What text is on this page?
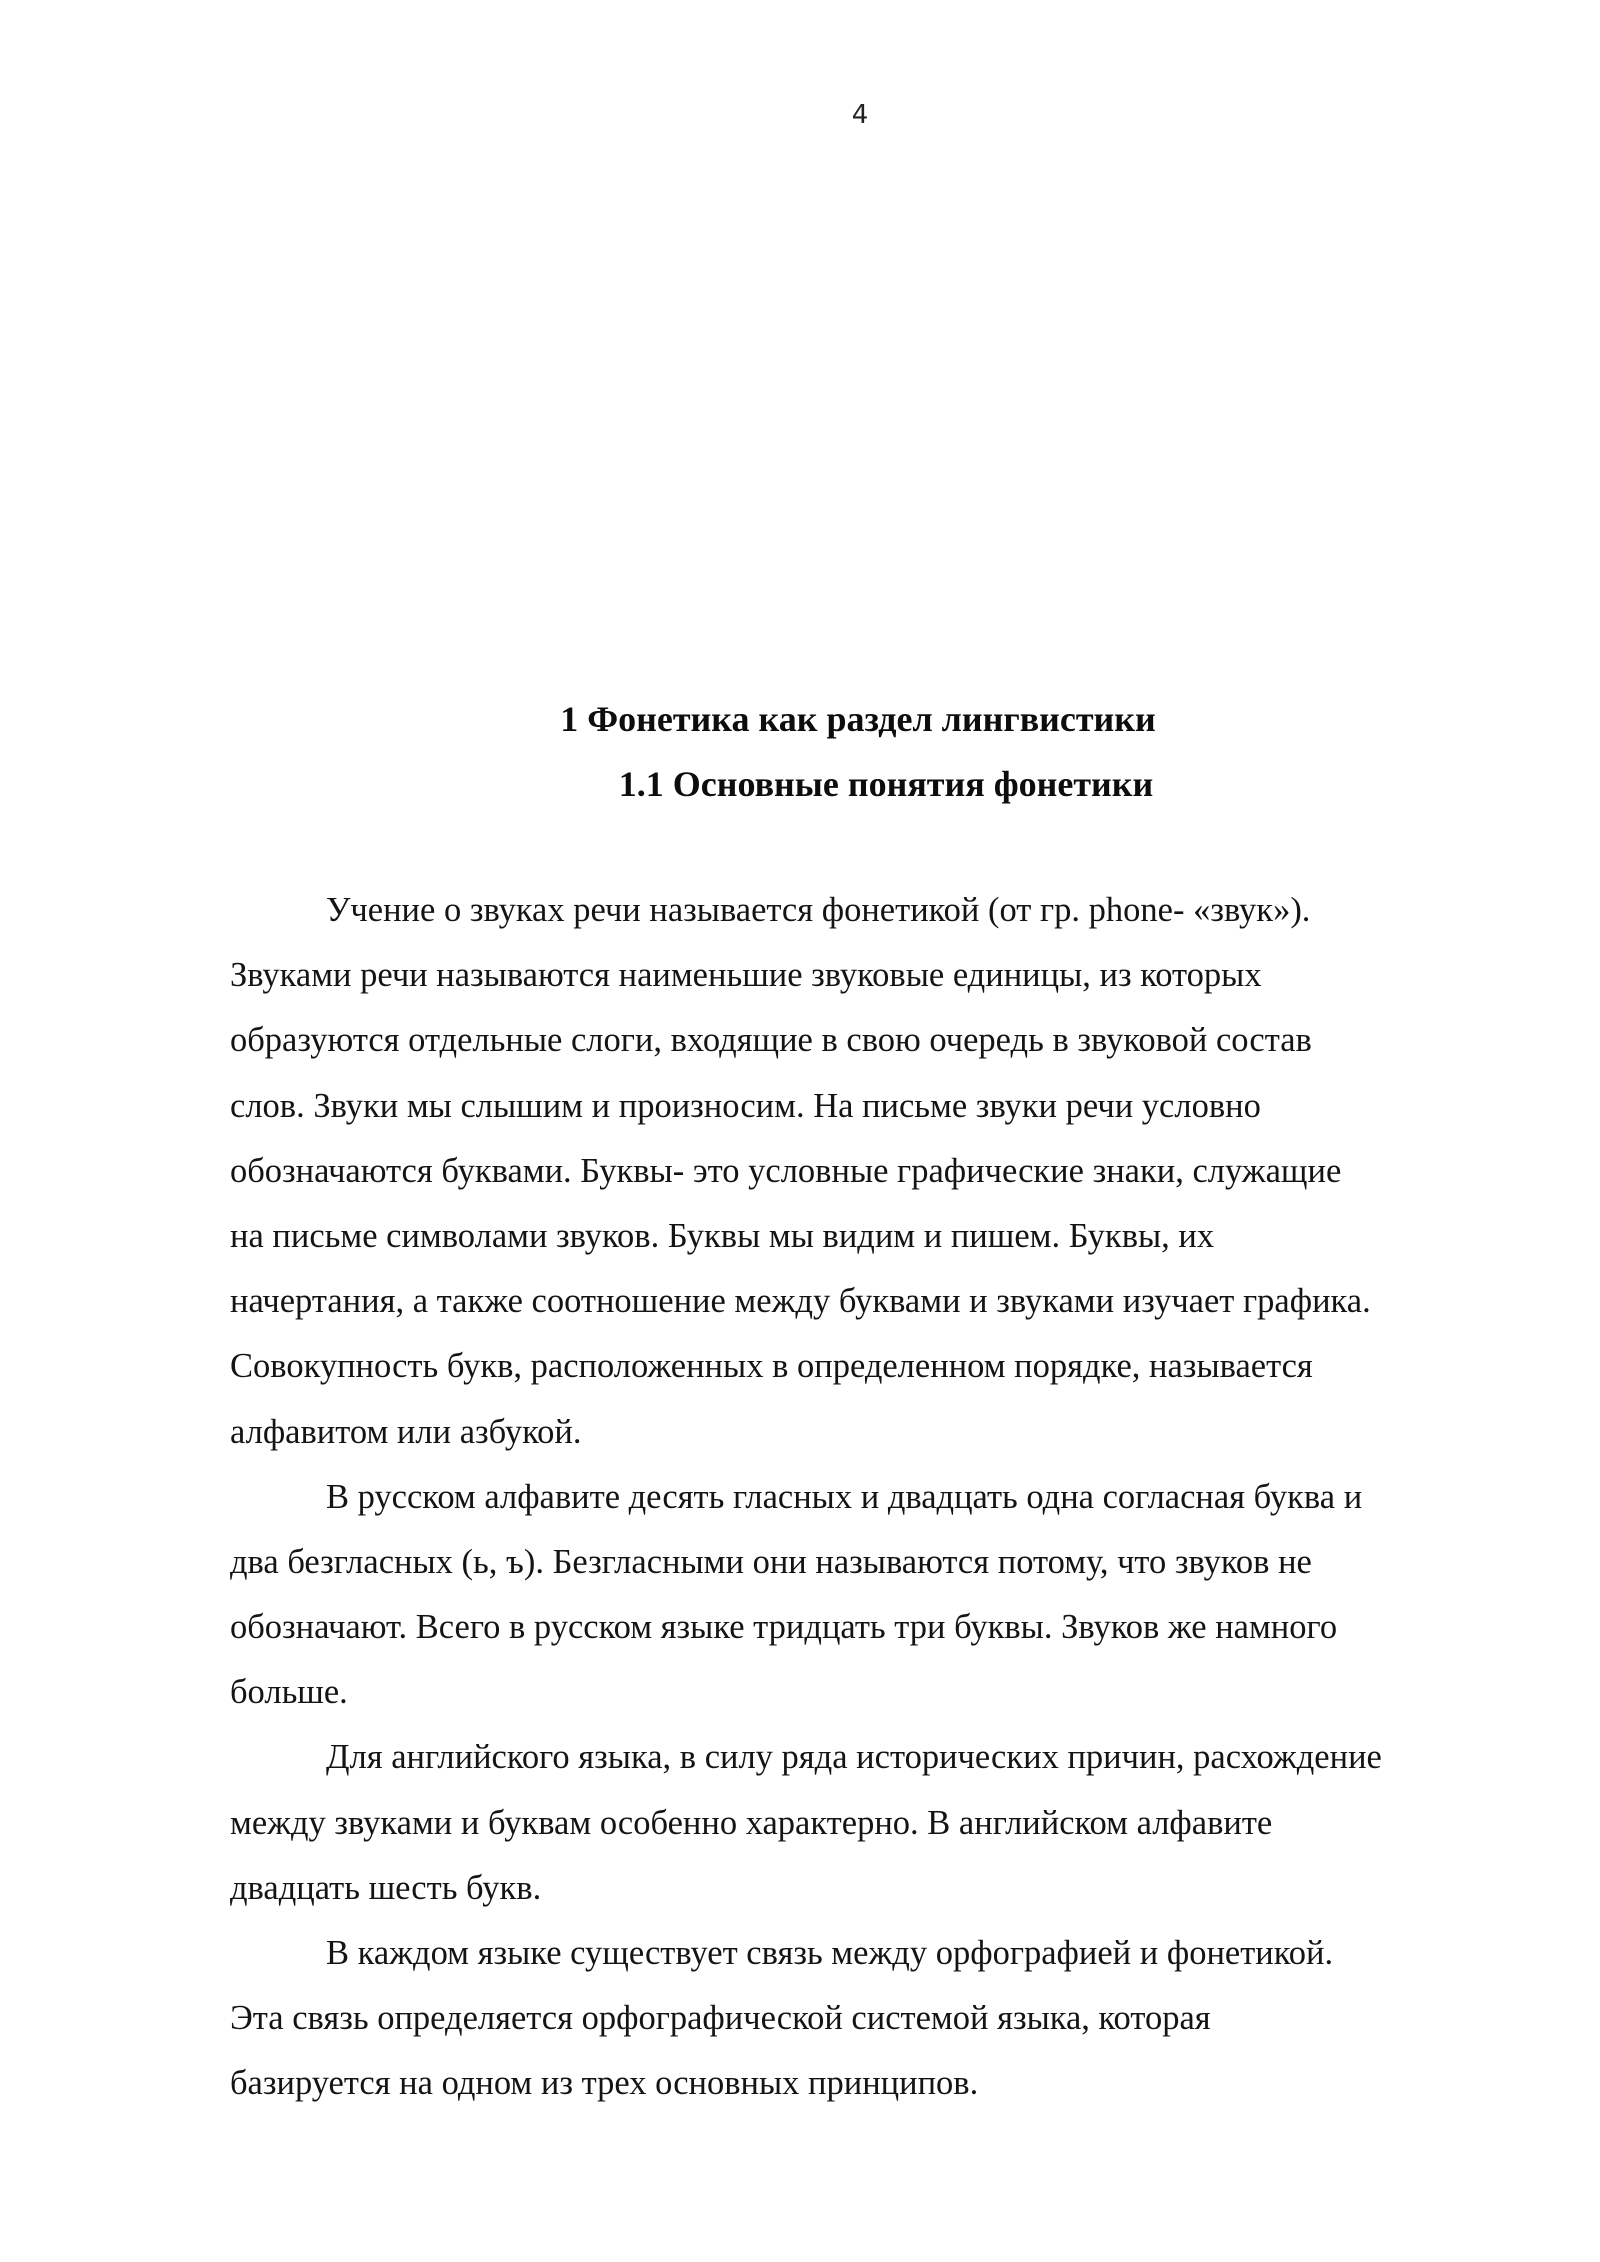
4
1 Фонетика как раздел лингвистики
1.1 Основные понятия фонетики
Учение о звуках речи называется фонетикой (от гр. phone- «звук»).
Звуками речи называются наименьшие звуковые единицы, из которых
образуются отдельные слоги, входящие в свою очередь в звуковой состав
слов. Звуки мы слышим и произносим. На письме звуки речи условно
обозначаются буквами. Буквы- это условные графические знаки, служащие
на письме символами звуков. Буквы мы видим и пишем. Буквы, их
начертания, а также соотношение между буквами и звуками изучает графика.
Совокупность букв, расположенных в определенном порядке, называется
алфавитом или азбукой.
В русском алфавите десять гласных и двадцать одна согласная буква и
два безгласных (ь, ъ). Безгласными они называются потому, что звуков не
обозначают. Всего в русском языке тридцать три буквы. Звуков же намного
больше.
Для английского языка, в силу ряда исторических причин, расхождение
между звуками и буквам особенно характерно. В английском алфавите
двадцать шесть букв.
В каждом языке существует связь между орфографией и фонетикой.
Эта связь определяется орфографической системой языка, которая
базируется на одном из трех основных принципов.
